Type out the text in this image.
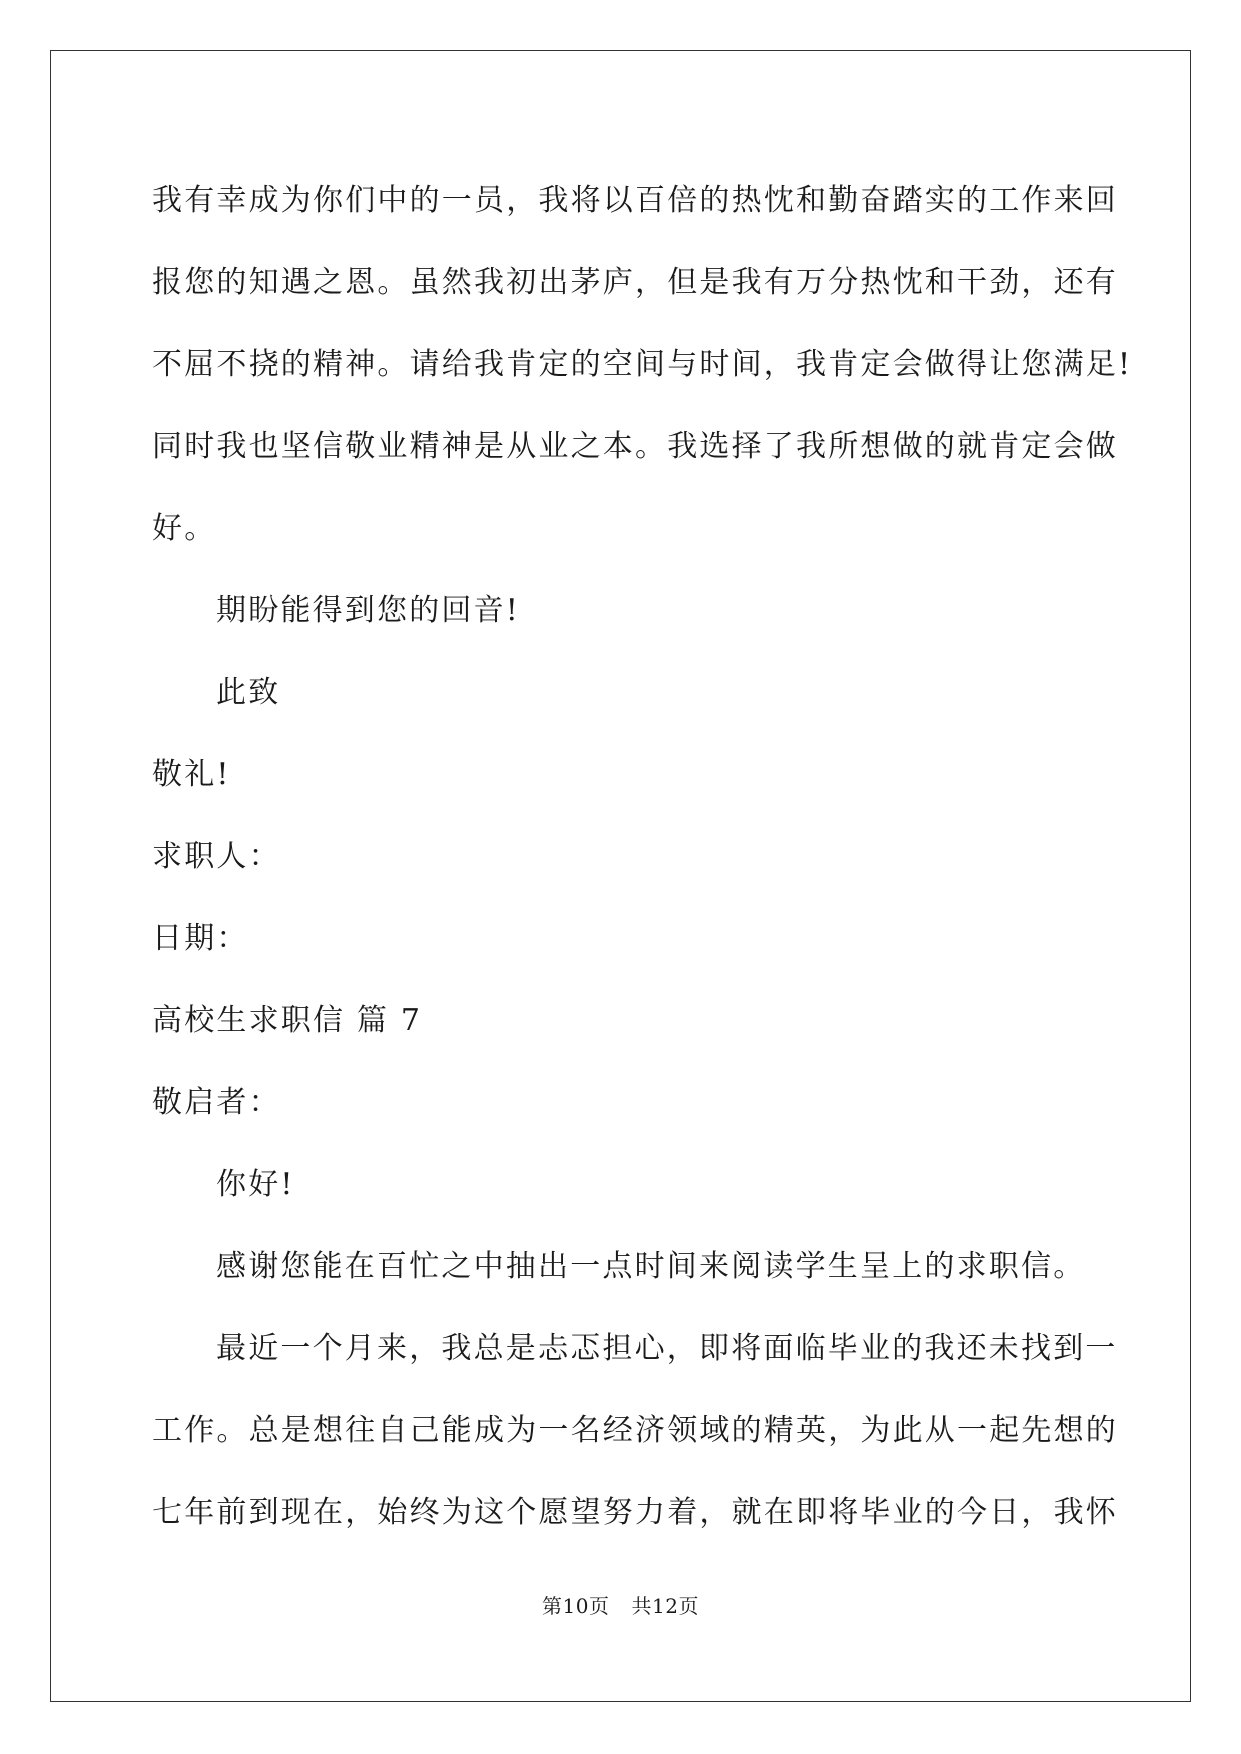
我有幸成为你们中的一员，我将以百倍的热忱和勤奋踏实的工作来回
报您的知遇之恩。虽然我初出茅庐，但是我有万分热忱和干劲，还有
不屈不挠的精神。请给我肯定的空间与时间，我肯定会做得让您满足!
同时我也坚信敬业精神是从业之本。我选择了我所想做的就肯定会做
好。
期盼能得到您的回音!
此致
敬礼!
求职人：
日期：
高校生求职信 篇 7
敬启者：
你好!
感谢您能在百忙之中抽出一点时间来阅读学生呈上的求职信。
最近一个月来，我总是忐忑担心，即将面临毕业的我还未找到一
工作。总是想往自己能成为一名经济领域的精英，为此从一起先想的
七年前到现在，始终为这个愿望努力着，就在即将毕业的今日，我怀
第10页 共12页
